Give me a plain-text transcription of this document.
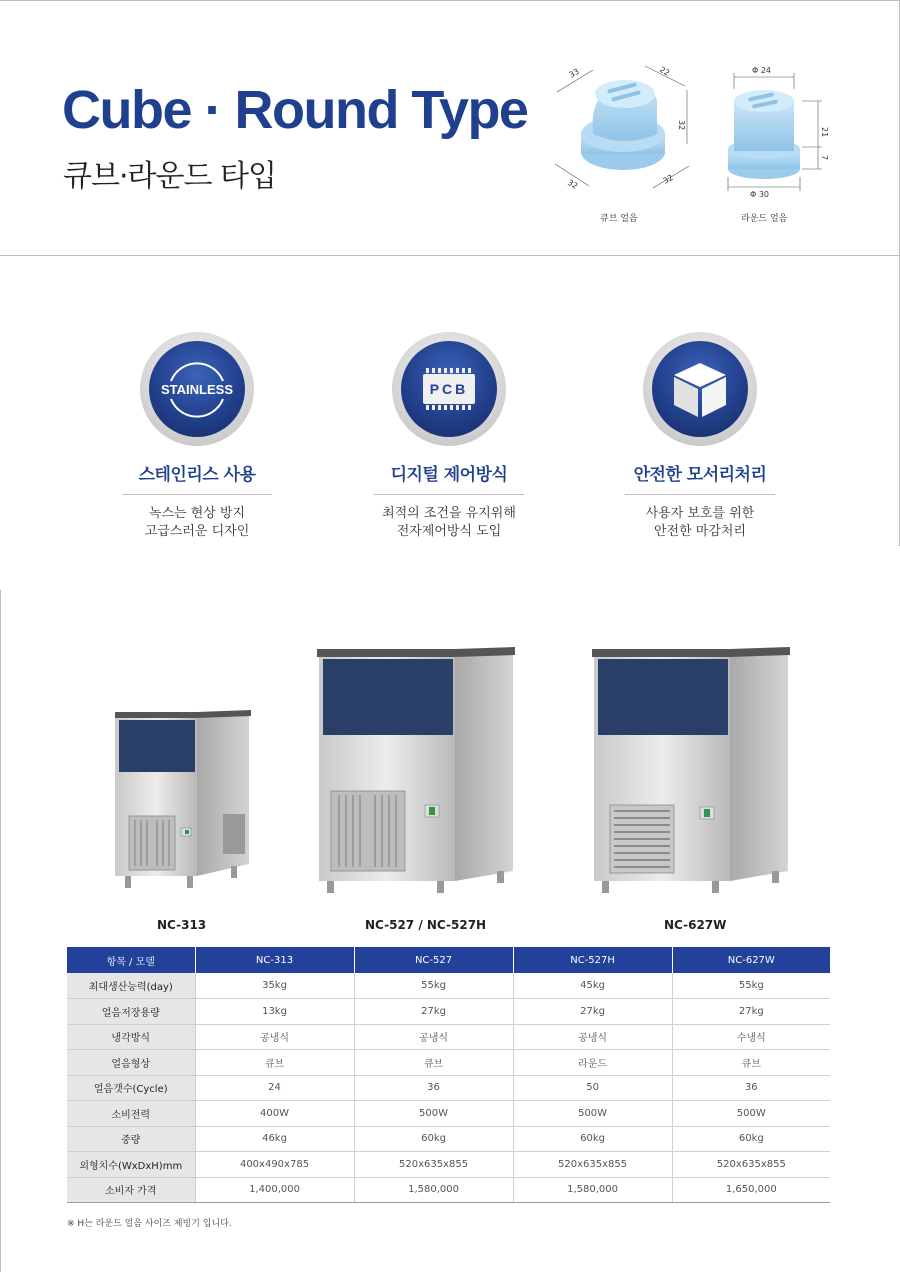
Cube · Round Type
큐브·라운드 타입
33	22
32
32	32
큐브 얼음
Φ 24
Φ 30
21
7
라운드 얼음
STAINLESS
스테인리스 사용
녹스는 현상 방지
고급스러운 디자인
PCB
디지털 제어방식
최적의 조건을 유지위해
전자제어방식 도입
안전한 모서리처리
사용자 보호를 위한
안전한 마감처리
NC-313	NC-527 / NC-527H	NC-627W
항목 / 모델	NC-313	NC-527	NC-527H	NC-627W
최대생산능력(day)	35kg	55kg	45kg	55kg
얼음저장용량	13kg	27kg	27kg	27kg
냉각방식	공냉식	공냉식	공냉식	수냉식
얼음형상	큐브	큐브	라운드	큐브
얼음갯수(Cycle)	24	36	50	36
소비전력	400W	500W	500W	500W
중량	46kg	60kg	60kg	60kg
외형치수(WxDxH)mm	400x490x785	520x635x855	520x635x855	520x635x855
소비자 가격	1,400,000	1,580,000	1,580,000	1,650,000
※ H는 라운드 얼음 사이즈 제빙기 입니다.
